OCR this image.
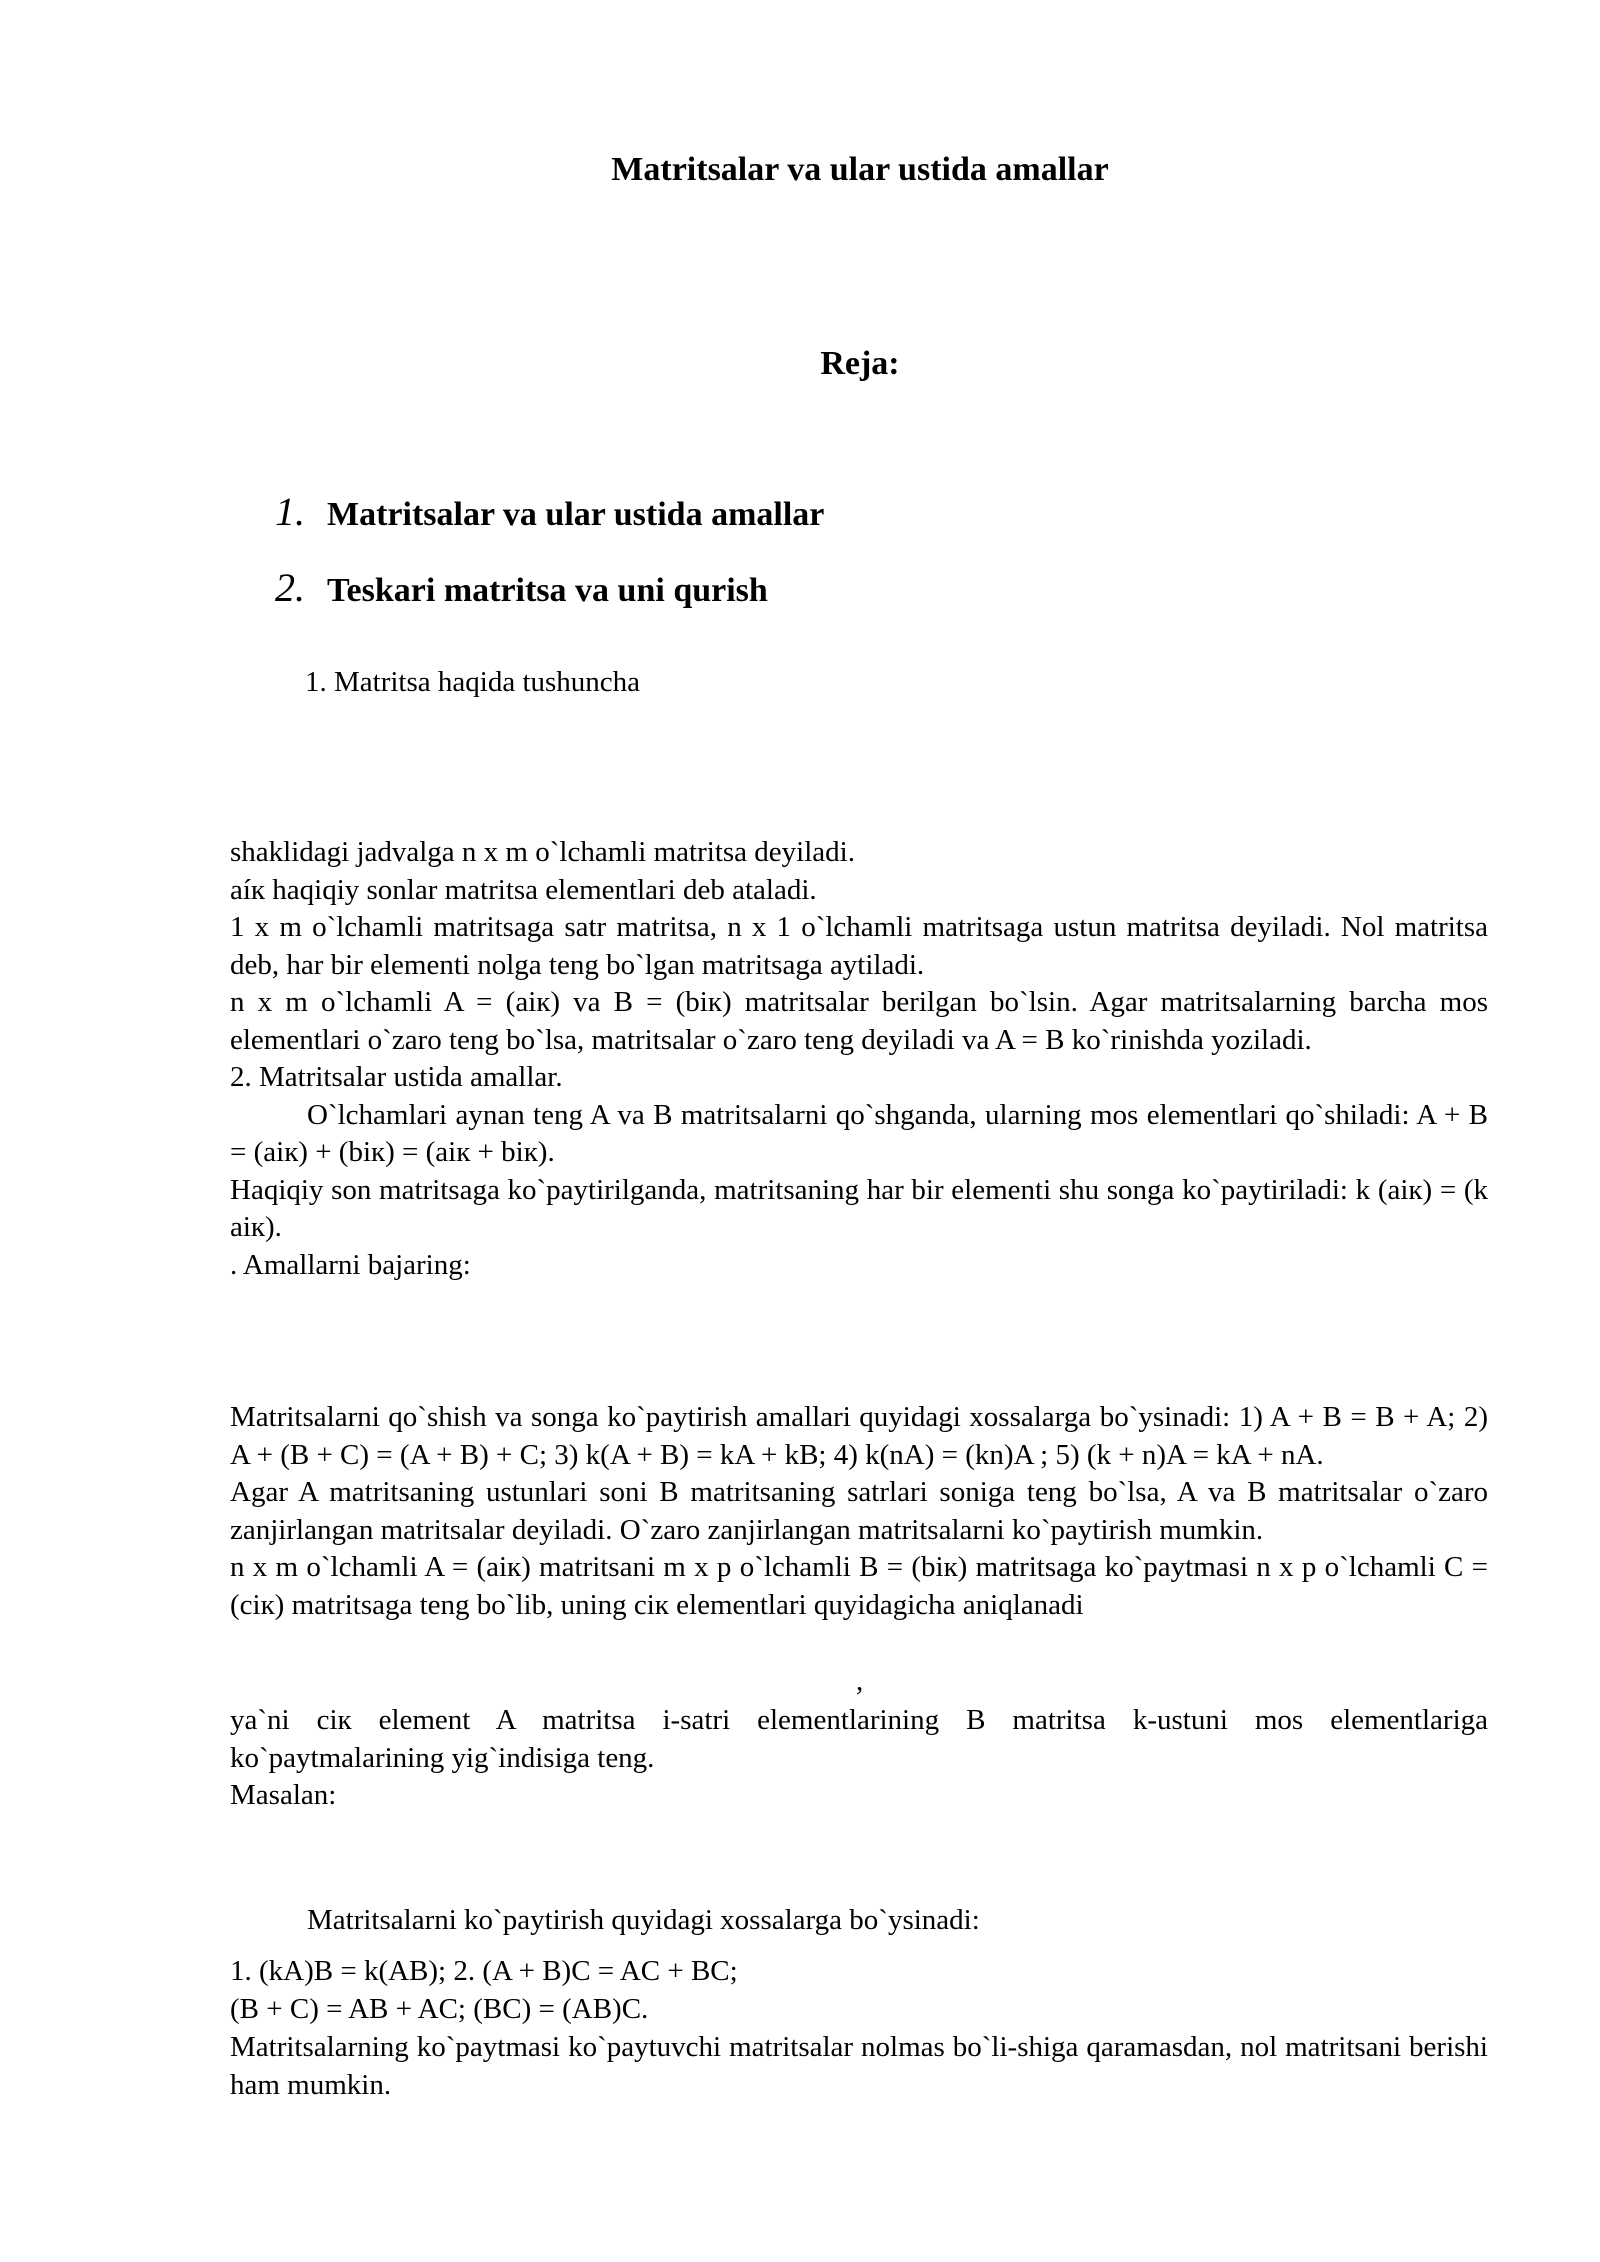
Matritsalar va ular ustida amallar
Reja:
1. Matritsalar va ular ustida amallar
2. Teskari matritsa va uni qurish
1. Matritsa haqida tushuncha
shaklidagi jadvalga n x m o`lchamli matritsa deyiladi.
aíк haqiqiy sonlar matritsa elementlari deb ataladi.
1 x m o`lchamli matritsaga satr matritsa, n x 1 o`lchamli matritsaga ustun matritsa deyiladi. Nol matritsa deb, har bir elementi nolga teng bo`lgan matritsaga aytiladi.
n x m o`lchamli A = (aiк) va B = (biк) matritsalar berilgan bo`lsin. Agar matritsalarning barcha mos elementlari o`zaro teng bo`lsa, matritsalar o`zaro teng deyiladi va A = B ko`rinishda yoziladi.
2. Matritsalar ustida amallar.
O`lchamlari aynan teng A va B matritsalarni qo`shganda, ularning mos elementlari qo`shiladi: A + B = (aiк) + (biк) = (aiк + biк).
Haqiqiy son matritsaga ko`paytirilganda, matritsaning har bir elementi shu songa ko`paytiriladi: k (aiк) = (k aiк).
. Amallarni bajaring:
Matritsalarni qo`shish va songa ko`paytirish amallari quyidagi xossalarga bo`ysinadi: 1) A + B = B + A; 2) A + (B + C) = (A + B) + C; 3) k(A + B) = kA + kB; 4) k(nA) = (kn)A ; 5) (k + n)A = kA + nA.
Agar A matritsaning ustunlari soni B matritsaning satrlari soniga teng bo`lsa, A va B matritsalar o`zaro zanjirlangan matritsalar deyiladi. O`zaro zanjirlangan matritsalarni ko`paytirish mumkin.
n x m o`lchamli A = (aiк) matritsani m x p o`lchamli B = (biк) matritsaga ko`paytmasi n x p o`lchamli C = (ciк) matritsaga teng bo`lib, uning ciк elementlari quyidagicha aniqlanadi
,
ya`ni ciк element A matritsa i-satri elementlarining B matritsa k-ustuni mos elementlariga ko`paytmalarining yig`indisiga teng.
Masalan:
Matritsalarni ko`paytirish quyidagi xossalarga bo`ysinadi:
1. (kA)B = k(AB); 2. (A + B)C = AC + BC;
(B + C) = AB + AC; (BC) = (AB)C.
Matritsalarning ko`paytmasi ko`paytuvchi matritsalar nolmas bo`li-shiga qaramasdan, nol matritsani berishi ham mumkin.
